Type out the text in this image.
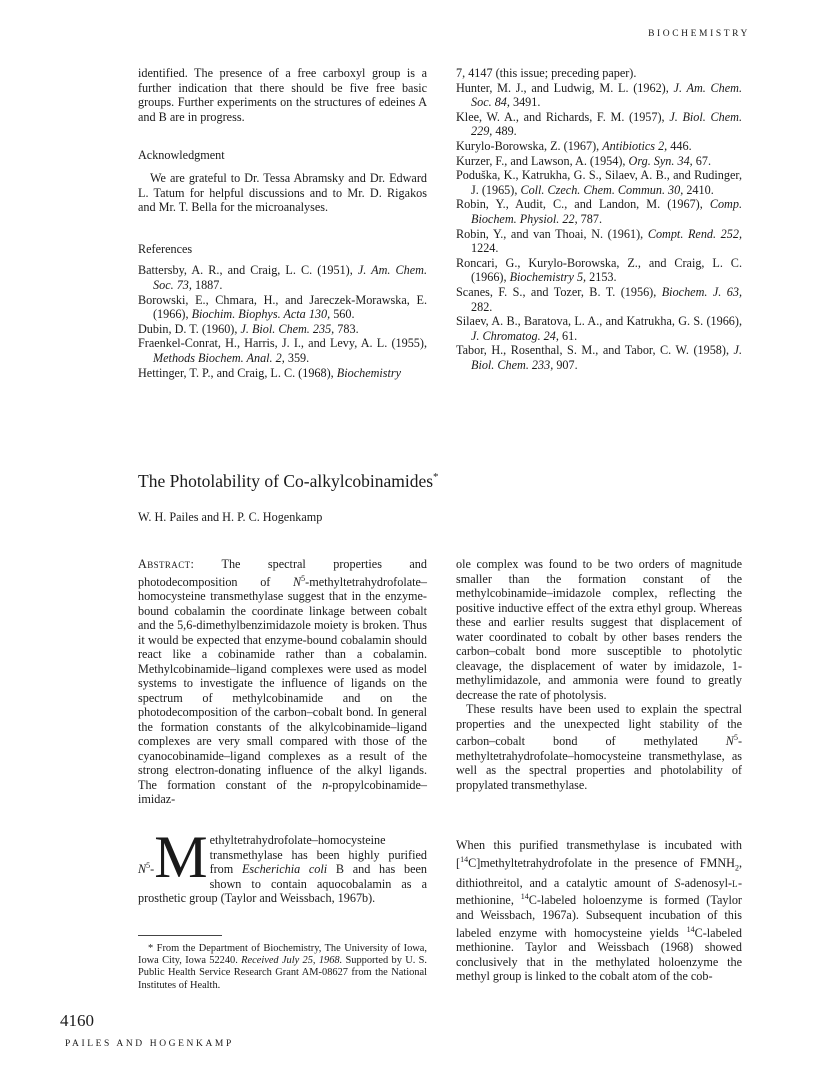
BIOCHEMISTRY

identified. The presence of a free carboxyl group is a further indication that there should be five free basic groups. Further experiments on the structures of edeines A and B are in progress.

Acknowledgment

We are grateful to Dr. Tessa Abramsky and Dr. Edward L. Tatum for helpful discussions and to Mr. D. Rigakos and Mr. T. Bella for the microanalyses.

References

Battersby, A. R., and Craig, L. C. (1951), J. Am. Chem. Soc. 73, 1887.

Borowski, E., Chmara, H., and Jareczek-Morawska, E. (1966), Biochim. Biophys. Acta 130, 560.

Dubin, D. T. (1960), J. Biol. Chem. 235, 783.

Fraenkel-Conrat, H., Harris, J. I., and Levy, A. L. (1955), Methods Biochem. Anal. 2, 359.

Hettinger, T. P., and Craig, L. C. (1968), Biochemistry

7, 4147 (this issue; preceding paper).

Hunter, M. J., and Ludwig, M. L. (1962), J. Am. Chem. Soc. 84, 3491.

Klee, W. A., and Richards, F. M. (1957), J. Biol. Chem. 229, 489.

Kurylo-Borowska, Z. (1967), Antibiotics 2, 446.

Kurzer, F., and Lawson, A. (1954), Org. Syn. 34, 67.

Poduška, K., Katrukha, G. S., Silaev, A. B., and Rudinger, J. (1965), Coll. Czech. Chem. Commun. 30, 2410.

Robin, Y., Audit, C., and Landon, M. (1967), Comp. Biochem. Physiol. 22, 787.

Robin, Y., and van Thoai, N. (1961), Compt. Rend. 252, 1224.

Roncari, G., Kurylo-Borowska, Z., and Craig, L. C. (1966), Biochemistry 5, 2153.

Scanes, F. S., and Tozer, B. T. (1956), Biochem. J. 63, 282.

Silaev, A. B., Baratova, L. A., and Katrukha, G. S. (1966), J. Chromatog. 24, 61.

Tabor, H., Rosenthal, S. M., and Tabor, C. W. (1958), J. Biol. Chem. 233, 907.

The Photolability of Co-alkylcobinamides*
W. H. Pailes and H. P. C. Hogenkamp
Abstract: The spectral properties and photodecomposition of $N^5-methyltetrahydrofolate$–homocysteine transmethylase suggest that in the enzyme-bound cobalamin the coordinate linkage between cobalt and the 5,6-dimethylbenzimidazole moiety is broken. Thus it would be expected that enzyme-bound cobalamin should react like a cobinamide rather than a cobalamin. Methylcobinamide–ligand complexes were used as model systems to investigate the influence of ligands on the spectrum of methylcobinamide and on the photodecomposition of the carbon–cobalt bond. In general the formation constants of the alkylcobinamide–ligand complexes are very small compared with those of the cyanocobinamide–ligand complexes as a result of the strong electron-donating influence of the alkyl ligands. The formation constant of the n-propylcobinamide–imidaz-

ole complex was found to be two orders of magnitude smaller than the formation constant of the methylcobinamide–imidazole complex, reflecting the positive inductive effect of the extra ethyl group. Whereas these and earlier results suggest that displacement of water coordinated to cobalt by other bases renders the carbon–cobalt bond more susceptible to photolytic cleavage, the displacement of water by imidazole, 1-methylimidazole, and ammonia were found to greatly decrease the rate of photolysis.

These results have been used to explain the spectral properties and the unexpected light stability of the carbon–cobalt bond of methylated $N^5-methyltetrahydrofolate$–homocysteine transmethylase, as well as the spectral properties and photolability of propylated transmethylase.

$N^5-$ M ethyltetrahydrofolate–homocysteine transmethylase has been highly purified from Escherichia coli B and has been shown to contain aquocobalamin as a prosthetic group (Taylor and Weissbach, 1967b).
* From the Department of Biochemistry, The University of Iowa, Iowa City, Iowa 52240. Received July 25, 1968. Supported by U. S. Public Health Service Research Grant AM-08627 from the National Institutes of Health.
When this purified transmethylase is incubated with [$^{14}$C]methyltetrahydrofolate in the presence of $FMNH_2$, dithiothreitol, and a catalytic amount of S-adenosyl-l-methionine, $^{14}$C-labeled holoenzyme is formed (Taylor and Weissbach, 1967a). Subsequent incubation of this labeled enzyme with homocysteine yields $^{14}$C-labeled methionine. Taylor and Weissbach (1968) showed conclusively that in the methylated holoenzyme the methyl group is linked to the cobalt atom of the cob-
4160
PAILES AND HOGENKAMP
